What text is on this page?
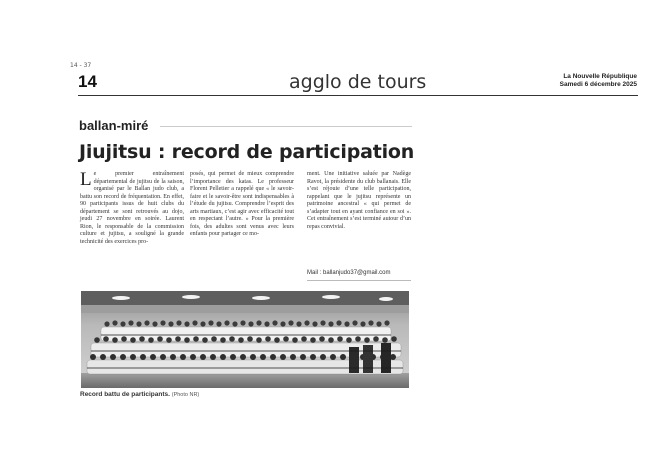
14 - 37
14	agglo de tours	La Nouvelle République
Samedi 6 décembre 2025
ballan-miré
Jiujitsu : record de participation
L e premier entraînement départemental de jujitsu de la saison, organisé par le Ballan judo club, a battu son record de fréquentation. En effet, 90 participants issus de huit clubs du département se sont retrouvés au dojo, jeudi 27 novembre en soirée. Laurent Rion, le responsable de la commission culture et jujitsu, a souligné la grande technicité des exercices pro-

posés, qui permet de mieux comprendre l’importance des katas. Le professeur Florent Pelletier a rappelé que « le savoir-faire et le savoir-être sont indispensables à l’étude du jujitsu. Comprendre l’esprit des arts martiaux, c’est agir avec efficacité tout en respectant l’autre. » Pour la première fois, des adultes sont venus avec leurs enfants pour partager ce mo-

ment. Une initiative saluée par Nadège Ravot, la présidente du club ballanais. Elle s’est réjouie d’une telle participation, rappelant que le jujitsu représente un patrimoine ancestral « qui permet de s’adapter tout en ayant confiance en soi ». Cet entraînement s’est terminé autour d’un repas convivial.

Mail : ballanjudo37@gmail.com
Record battu de participants. (Photo NR)
